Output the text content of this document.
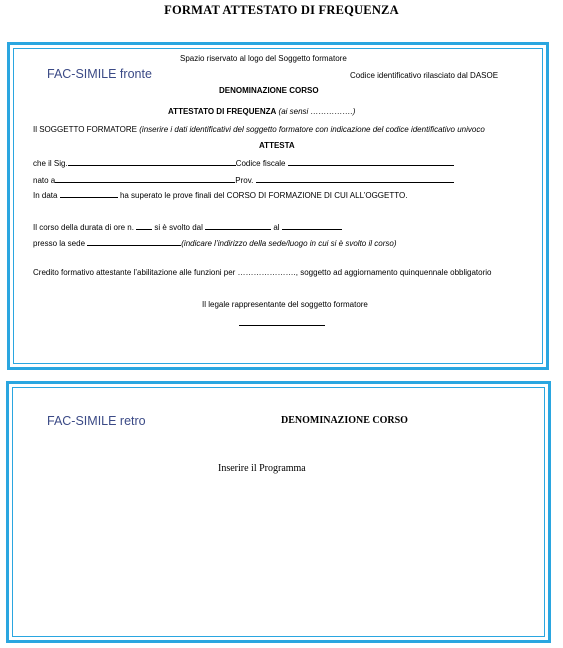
FORMAT ATTESTATO DI FREQUENZA
FAC-SIMILE fronte
Spazio riservato al logo del Soggetto formatore
Codice identificativo rilasciato dal DASOE
DENOMINAZIONE CORSO
ATTESTATO DI FREQUENZA (ai sensi …………….)
Il SOGGETTO FORMATORE (inserire i dati identificativi del soggetto formatore con indicazione del codice identificativo univoco
ATTESTA
che il Sig.	Codice fiscale
nato a	Prov.
In data	ha superato le prove finali del CORSO DI FORMAZIONE DI CUI ALL’OGGETTO.
Il corso della durata di ore n.	si è svolto dal	al
presso la sede	(indicare l’indirizzo della sede/luogo in cui si è svolto il corso)
Credito formativo attestante l’abilitazione alle funzioni per …………………., soggetto ad aggiornamento quinquennale obbligatorio
Il legale rappresentante del soggetto formatore
FAC-SIMILE retro	DENOMINAZIONE CORSO
Inserire il Programma
